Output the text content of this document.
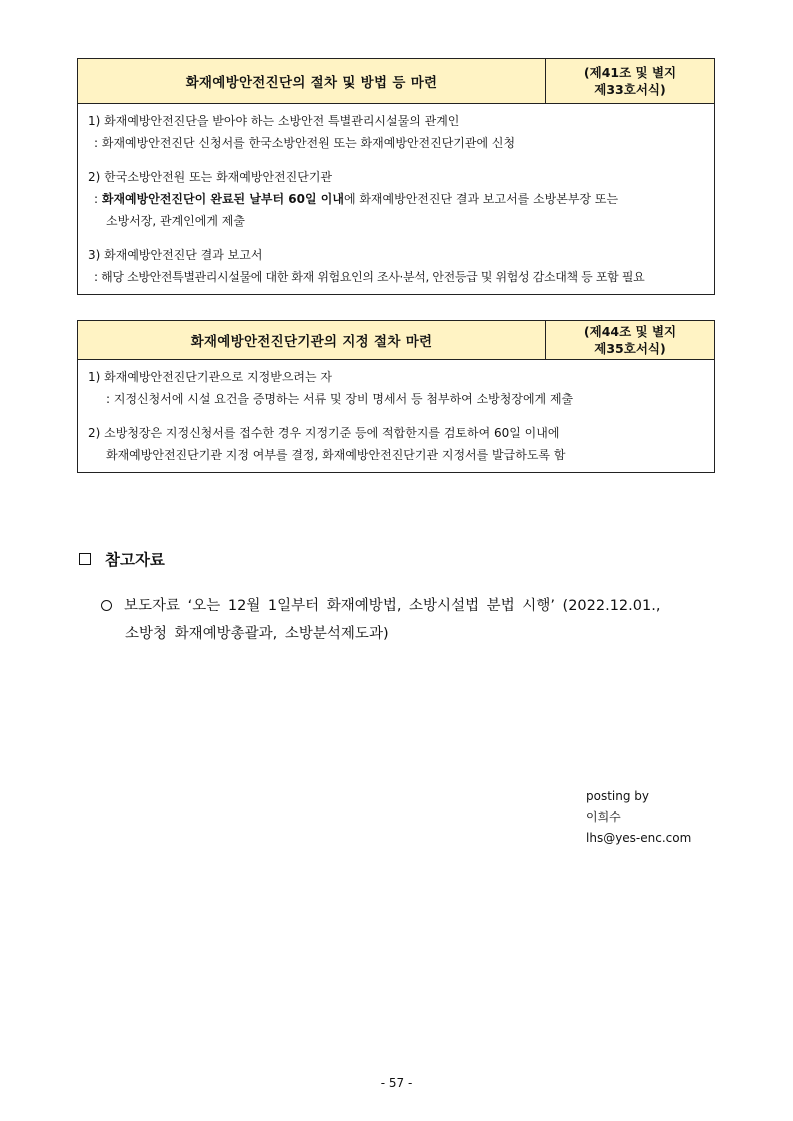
화재예방안전진단의 절차 및 방법 등 마련
(제41조 및 별지
제33호서식)
1) 화재예방안전진단을 받아야 하는 소방안전 특별관리시설물의 관계인
: 화재예방안전진단 신청서를 한국소방안전원 또는 화재예방안전진단기관에 신청
2) 한국소방안전원 또는 화재예방안전진단기관
: 화재예방안전진단이 완료된 날부터 60일 이내에 화재예방안전진단 결과 보고서를 소방본부장 또는
소방서장, 관계인에게 제출
3) 화재예방안전진단 결과 보고서
: 해당 소방안전특별관리시설물에 대한 화재 위험요인의 조사·분석, 안전등급 및 위험성 감소대책 등 포함 필요
화재예방안전진단기관의 지정 절차 마련
(제44조 및 별지
제35호서식)
1) 화재예방안전진단기관으로 지정받으려는 자
: 지정신청서에 시설 요건을 증명하는 서류 및 장비 명세서 등 첨부하여 소방청장에게 제출
2) 소방청장은 지정신청서를 접수한 경우 지정기준 등에 적합한지를 검토하여 60일 이내에
화재예방안전진단기관 지정 여부를 결정, 화재예방안전진단기관 지정서를 발급하도록 함
참고자료
보도자료 ‘오는 12월 1일부터 화재예방법, 소방시설법 분법 시행’ (2022.12.01.,
소방청 화재예방총괄과, 소방분석제도과)
posting by
이희수
lhs@yes-enc.com
- 57 -
